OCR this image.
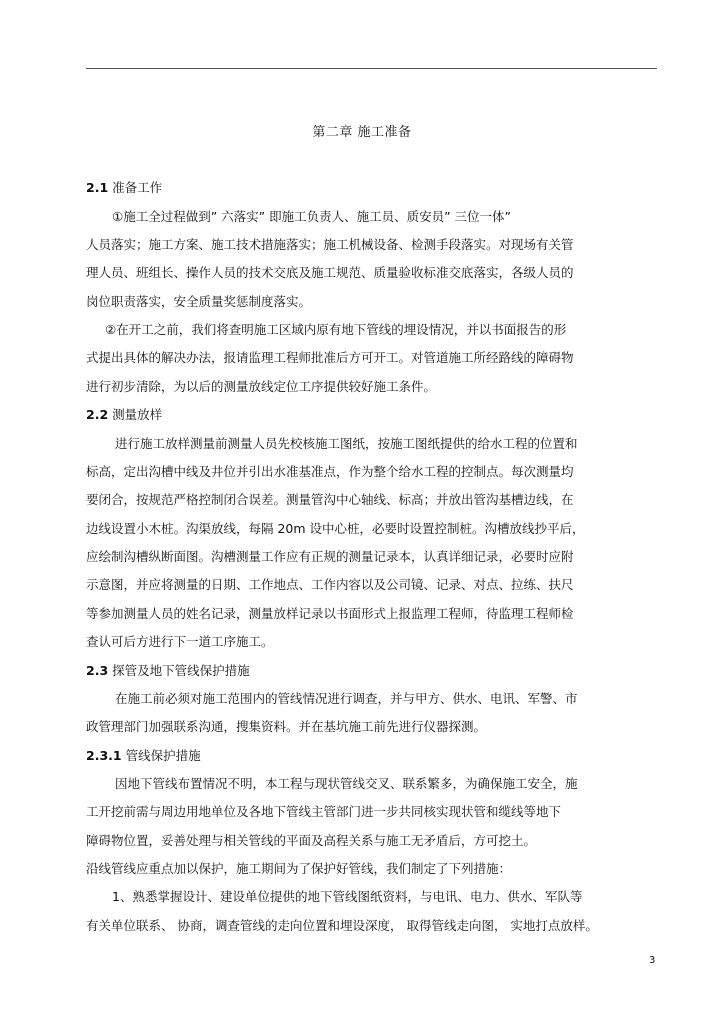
第二章 施工准备
2.1 准备工作
①施工全过程做到” 六落实” 即施工负责人、施工员、质安员” 三位一体”
人员落实；施工方案、施工技术措施落实；施工机械设备、检测手段落实。对现场有关管
理人员、班组长、操作人员的技术交底及施工规范、质量验收标准交底落实，各级人员的
岗位职责落实，安全质量奖惩制度落实。
②在开工之前，我们将查明施工区域内原有地下管线的埋设情况，并以书面报告的形
式提出具体的解决办法，报请监理工程师批准后方可开工。对管道施工所经路线的障碍物
进行初步清除，为以后的测量放线定位工序提供较好施工条件。
2.2 测量放样
进行施工放样测量前测量人员先校核施工图纸，按施工图纸提供的给水工程的位置和
标高，定出沟槽中线及井位并引出水准基准点，作为整个给水工程的控制点。每次测量均
要闭合，按规范严格控制闭合误差。测量管沟中心轴线、标高；并放出管沟基槽边线，在
边线设置小木桩。沟渠放线，每隔 20m 设中心桩，必要时设置控制桩。沟槽放线抄平后，
应绘制沟槽纵断面图。沟槽测量工作应有正规的测量记录本，认真详细记录，必要时应附
示意图，并应将测量的日期、工作地点、工作内容以及公司镜、记录、对点、拉练、扶尺
等参加测量人员的姓名记录，测量放样记录以书面形式上报监理工程师，待监理工程师检
查认可后方进行下一道工序施工。
2.3 探管及地下管线保护措施
在施工前必须对施工范围内的管线情况进行调查，并与甲方、供水、电讯、军警、市
政管理部门加强联系沟通，搜集资料。并在基坑施工前先进行仪器探测。
2.3.1 管线保护措施
因地下管线布置情况不明，本工程与现状管线交叉、联系繁多，为确保施工安全，施
工开挖前需与周边用地单位及各地下管线主管部门进一步共同核实现状管和缆线等地下
障碍物位置，妥善处理与相关管线的平面及高程关系与施工无矛盾后，方可挖土。
沿线管线应重点加以保护，施工期间为了保护好管线，我们制定了下列措施：
1、熟悉掌握设计、建设单位提供的地下管线图纸资料，与电讯、电力、供水、军队等
有关单位联系、 协商，调查管线的走向位置和埋设深度， 取得管线走向图， 实地打点放样。
3
